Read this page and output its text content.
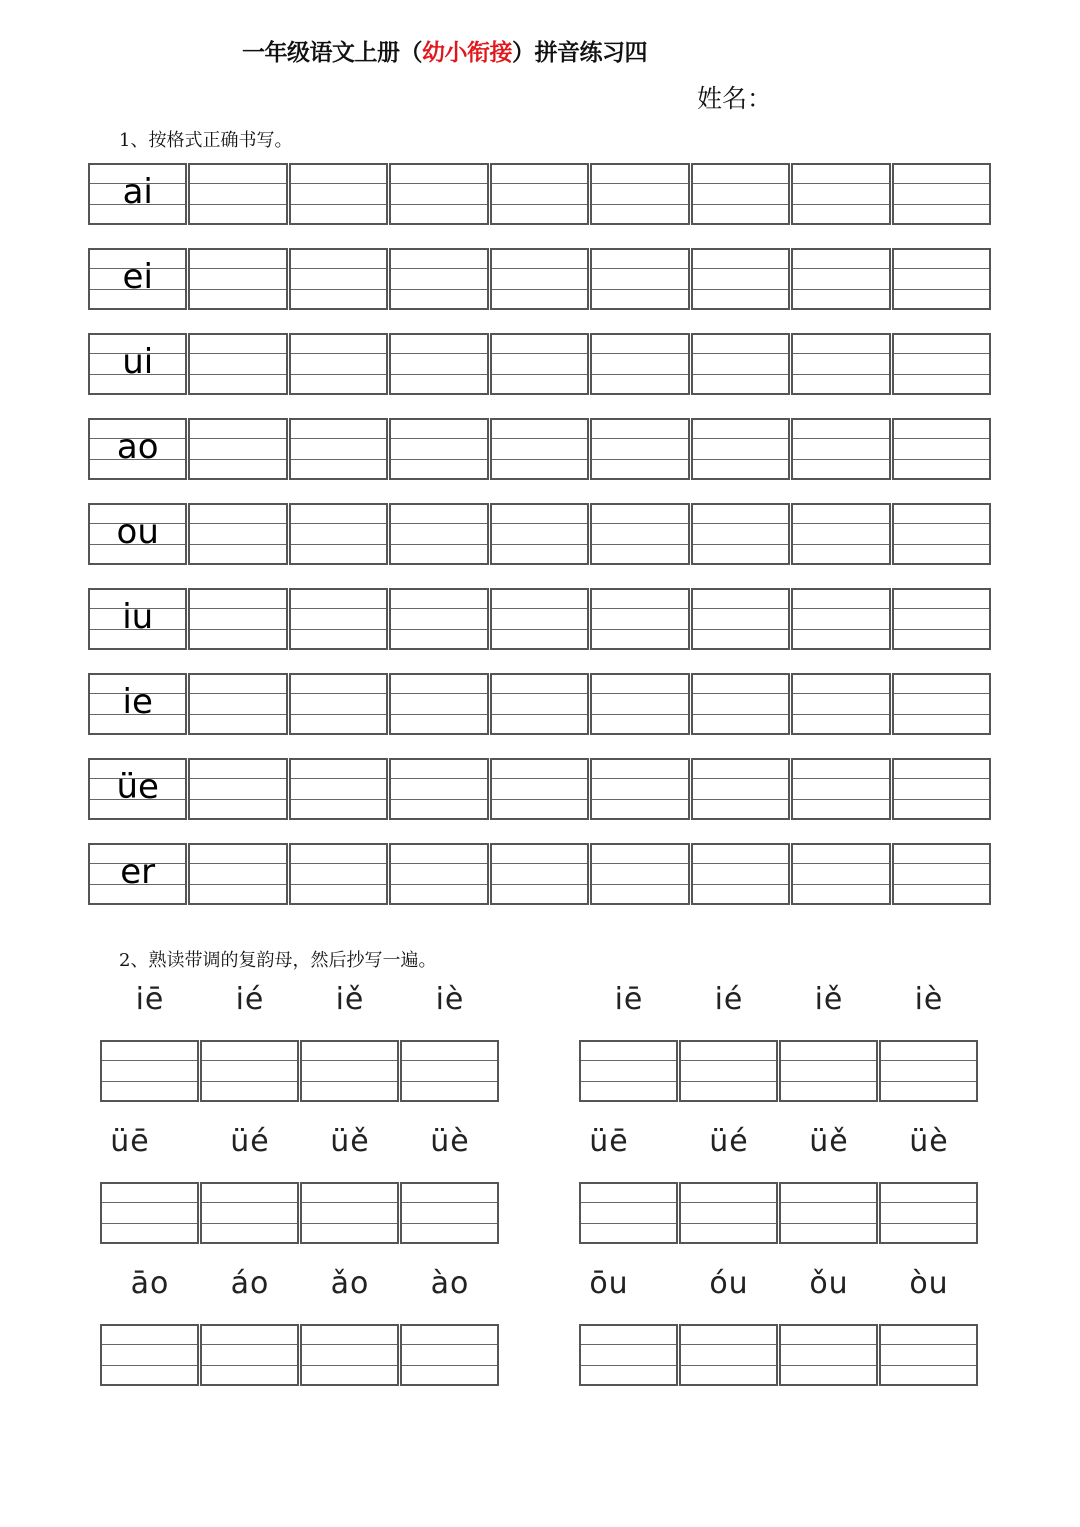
一年级语文上册（幼小衔接）拼音练习四
姓名：
1、按格式正确书写。
ai
ei
ui
ao
ou
iu
ie
üe
er
2、熟读带调的复韵母，然后抄写一遍。
iē	ié	iě	iè	iē	ié	iě	iè
üē	üé	üě	üè	üē	üé	üě	üè
āo	áo	ǎo	ào	ōu	óu	ǒu	òu
